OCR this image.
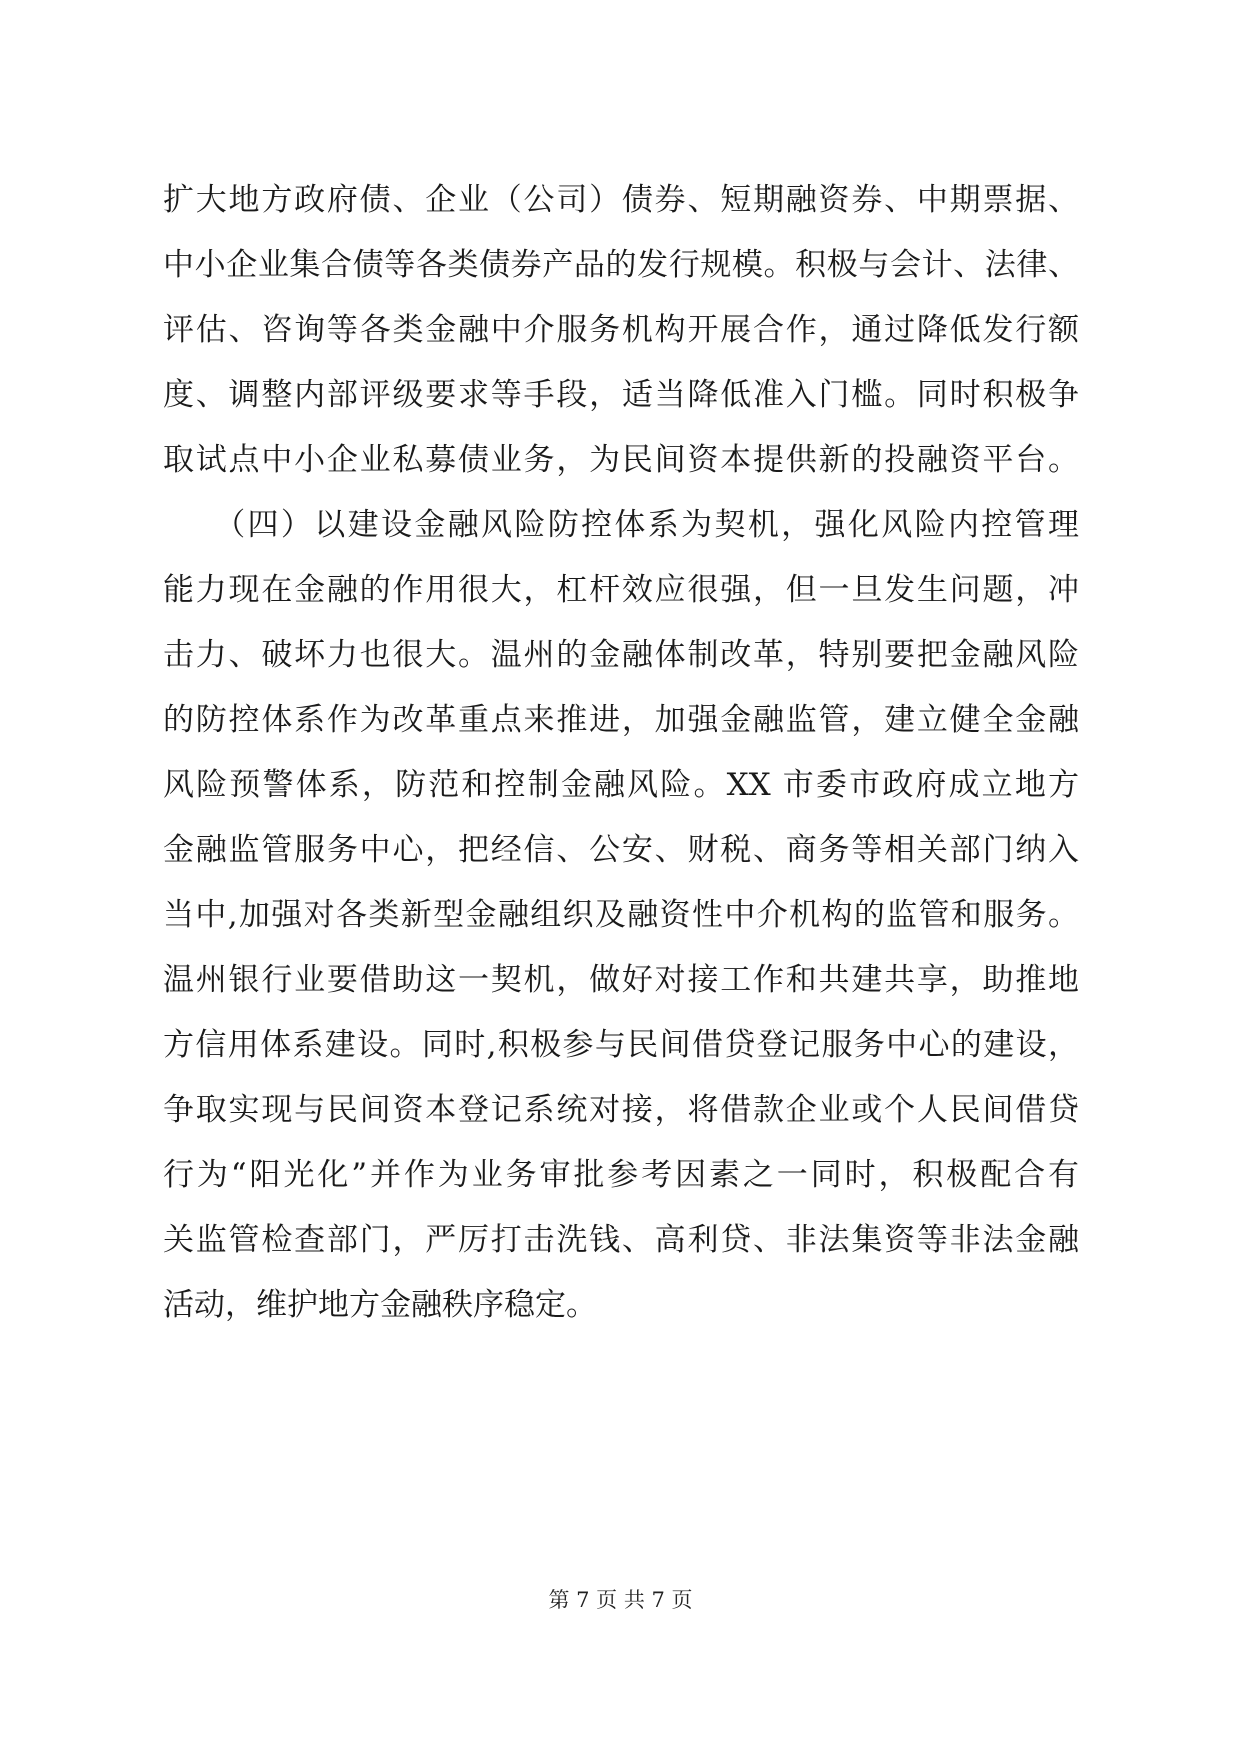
扩大地方政府债、企业（公司）债券、短期融资券、中期票据、
中小企业集合债等各类债券产品的发行规模。积极与会计、法律、
评估、咨询等各类金融中介服务机构开展合作，通过降低发行额
度、调整内部评级要求等手段，适当降低准入门槛。同时积极争
取试点中小企业私募债业务，为民间资本提供新的投融资平台。
　　（四）以建设金融风险防控体系为契机，强化风险内控管理
能力现在金融的作用很大，杠杆效应很强，但一旦发生问题，冲
击力、破坏力也很大。温州的金融体制改革，特别要把金融风险
的防控体系作为改革重点来推进，加强金融监管，建立健全金融
风险预警体系，防范和控制金融风险。XX 市委市政府成立地方
金融监管服务中心，把经信、公安、财税、商务等相关部门纳入
当中,加强对各类新型金融组织及融资性中介机构的监管和服务。
温州银行业要借助这一契机，做好对接工作和共建共享，助推地
方信用体系建设。同时,积极参与民间借贷登记服务中心的建设，
争取实现与民间资本登记系统对接，将借款企业或个人民间借贷
行为“阳光化”并作为业务审批参考因素之一同时，积极配合有
关监管检查部门，严厉打击洗钱、高利贷、非法集资等非法金融
活动，维护地方金融秩序稳定。
第 7 页 共 7 页
